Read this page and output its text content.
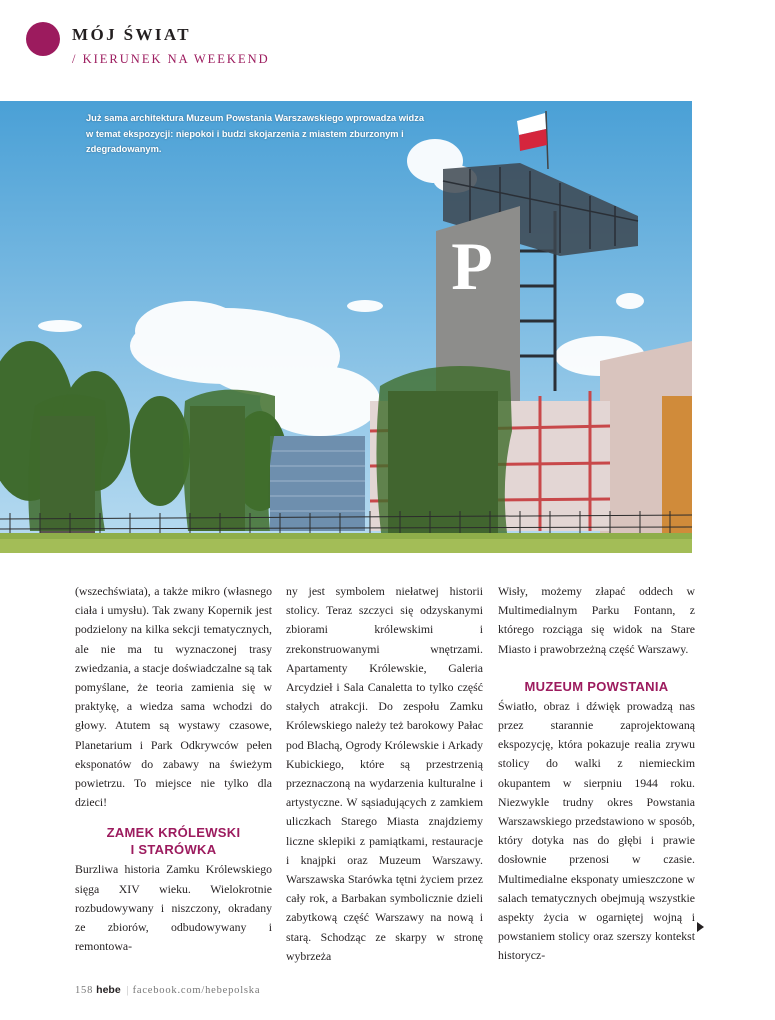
MÓJ ŚWIAT
/ KIERUNEK NA WEEKEND
P
Już sama architektura Muzeum Powstania Warszawskiego wprowadza widza w temat ekspozycji: niepokoi i budzi skojarzenia z miastem zburzonym i zdegradowanym.

(wszechświata), a także mikro (własnego ciała i umysłu). Tak zwany Kopernik jest podzielony na kilka sekcji tematycznych, ale nie ma tu wyznaczonej trasy zwiedzania, a stacje doświadczalne są tak pomyślane, że teoria zamienia się w praktykę, a wiedza sama wchodzi do głowy. Atutem są wystawy czasowe, Planetarium i Park Odkrywców pełen eksponatów do zabawy na świeżym powietrzu. To miejsce nie tylko dla dzieci!

ZAMEK KRÓLEWSKI
I STARÓWKA

Burzliwa historia Zamku Królewskiego sięga XIV wieku. Wielokrotnie rozbudowywany i niszczony, okradany ze zbiorów, odbudowywany i remontowa-

ny jest symbolem niełatwej historii stolicy. Teraz szczyci się odzyskanymi zbiorami królewskimi i zrekonstruowanymi wnętrzami. Apartamenty Królewskie, Galeria Arcydzieł i Sala Canaletta to tylko część stałych atrakcji. Do zespołu Zamku Królewskiego należy też barokowy Pałac pod Blachą, Ogrody Królewskie i Arkady Kubickiego, które są przestrzenią przeznaczoną na wydarzenia kulturalne i artystyczne. W sąsiadujących z zamkiem uliczkach Starego Miasta znajdziemy liczne sklepiki z pamiątkami, restauracje i knajpki oraz Muzeum Warszawy. Warszawska Starówka tętni życiem przez cały rok, a Barbakan symbolicznie dzieli zabytkową część Warszawy na nową i starą. Schodząc ze skarpy w stronę wybrzeża

Wisły, możemy złapać oddech w Multimedialnym Parku Fontann, z którego rozciąga się widok na Stare Miasto i prawobrzeżną część Warszawy.

MUZEUM POWSTANIA

Światło, obraz i dźwięk prowadzą nas przez starannie zaprojektowaną ekspozycję, która pokazuje realia zrywu stolicy do walki z niemieckim okupantem w sierpniu 1944 roku. Niezwykle trudny okres Powstania Warszawskiego przedstawiono w sposób, który dotyka nas do głębi i prawie dosłownie przenosi w czasie. Multimedialne eksponaty umieszczone w salach tematycznych obejmują wszystkie aspekty życia w ogarniętej wojną i powstaniem stolicy oraz szerszy kontekst historycz-

158 hebe | facebook.com/hebepolska
